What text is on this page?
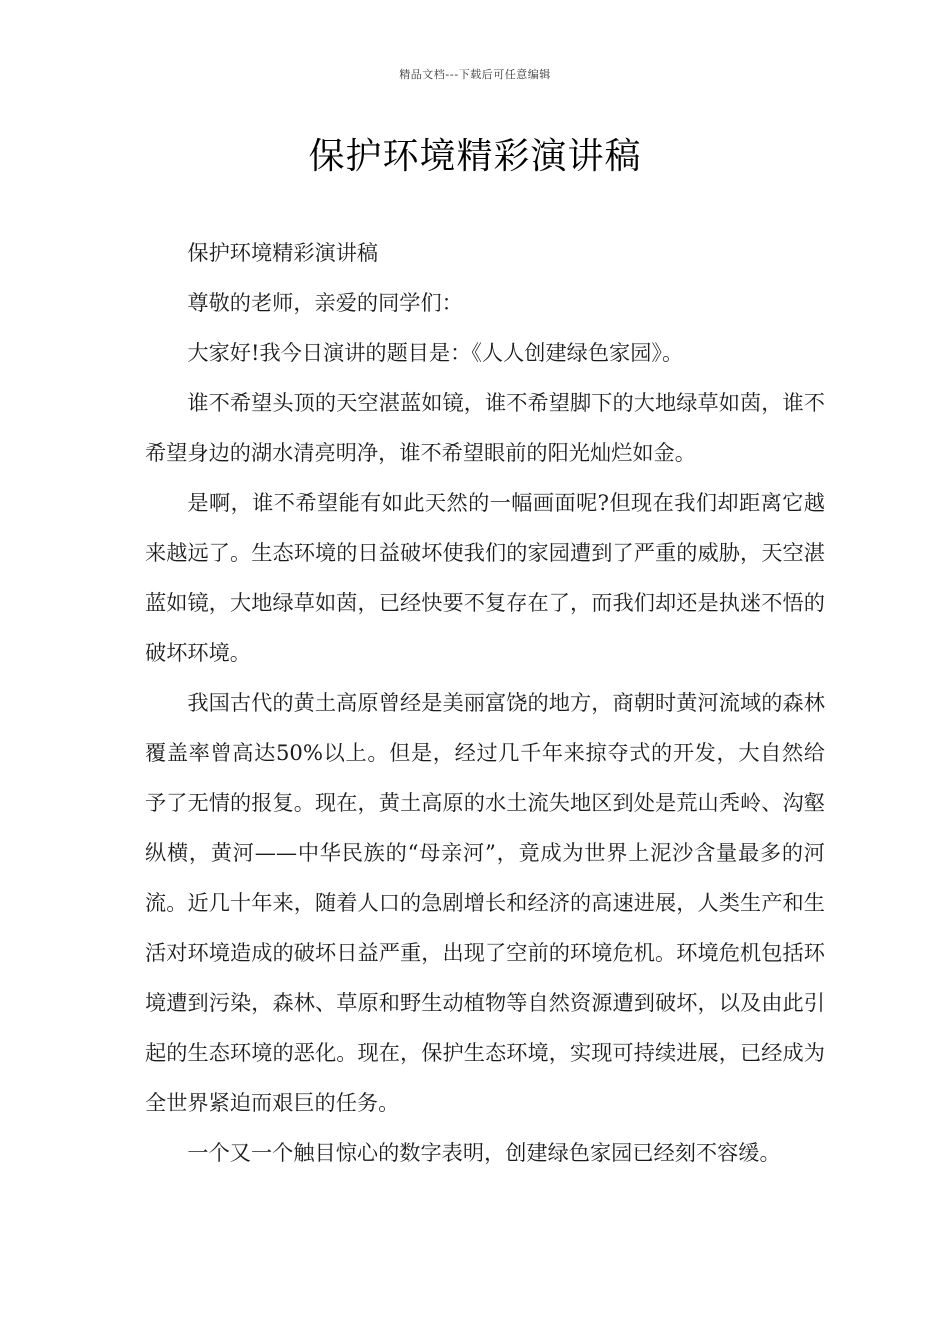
精品文档---下载后可任意编辑
保护环境精彩演讲稿

保护环境精彩演讲稿

尊敬的老师，亲爱的同学们：

大家好!我今日演讲的题目是：《人人创建绿色家园》。

谁不希望头顶的天空湛蓝如镜，谁不希望脚下的大地绿草如茵，谁不希望身边的湖水清亮明净，谁不希望眼前的阳光灿烂如金。

是啊，谁不希望能有如此天然的一幅画面呢?但现在我们却距离它越来越远了。生态环境的日益破坏使我们的家园遭到了严重的威胁，天空湛蓝如镜，大地绿草如茵，已经快要不复存在了，而我们却还是执迷不悟的破坏环境。

我国古代的黄土高原曾经是美丽富饶的地方，商朝时黄河流域的森林覆盖率曾高达50%以上。但是，经过几千年来掠夺式的开发，大自然给予了无情的报复。现在，黄土高原的水土流失地区到处是荒山秃岭、沟壑纵横，黄河——中华民族的“母亲河”，竟成为世界上泥沙含量最多的河流。近几十年来，随着人口的急剧增长和经济的高速进展，人类生产和生活对环境造成的破坏日益严重，出现了空前的环境危机。环境危机包括环境遭到污染，森林、草原和野生动植物等自然资源遭到破坏，以及由此引起的生态环境的恶化。现在，保护生态环境，实现可持续进展，已经成为全世界紧迫而艰巨的任务。

一个又一个触目惊心的数字表明，创建绿色家园已经刻不容缓。
